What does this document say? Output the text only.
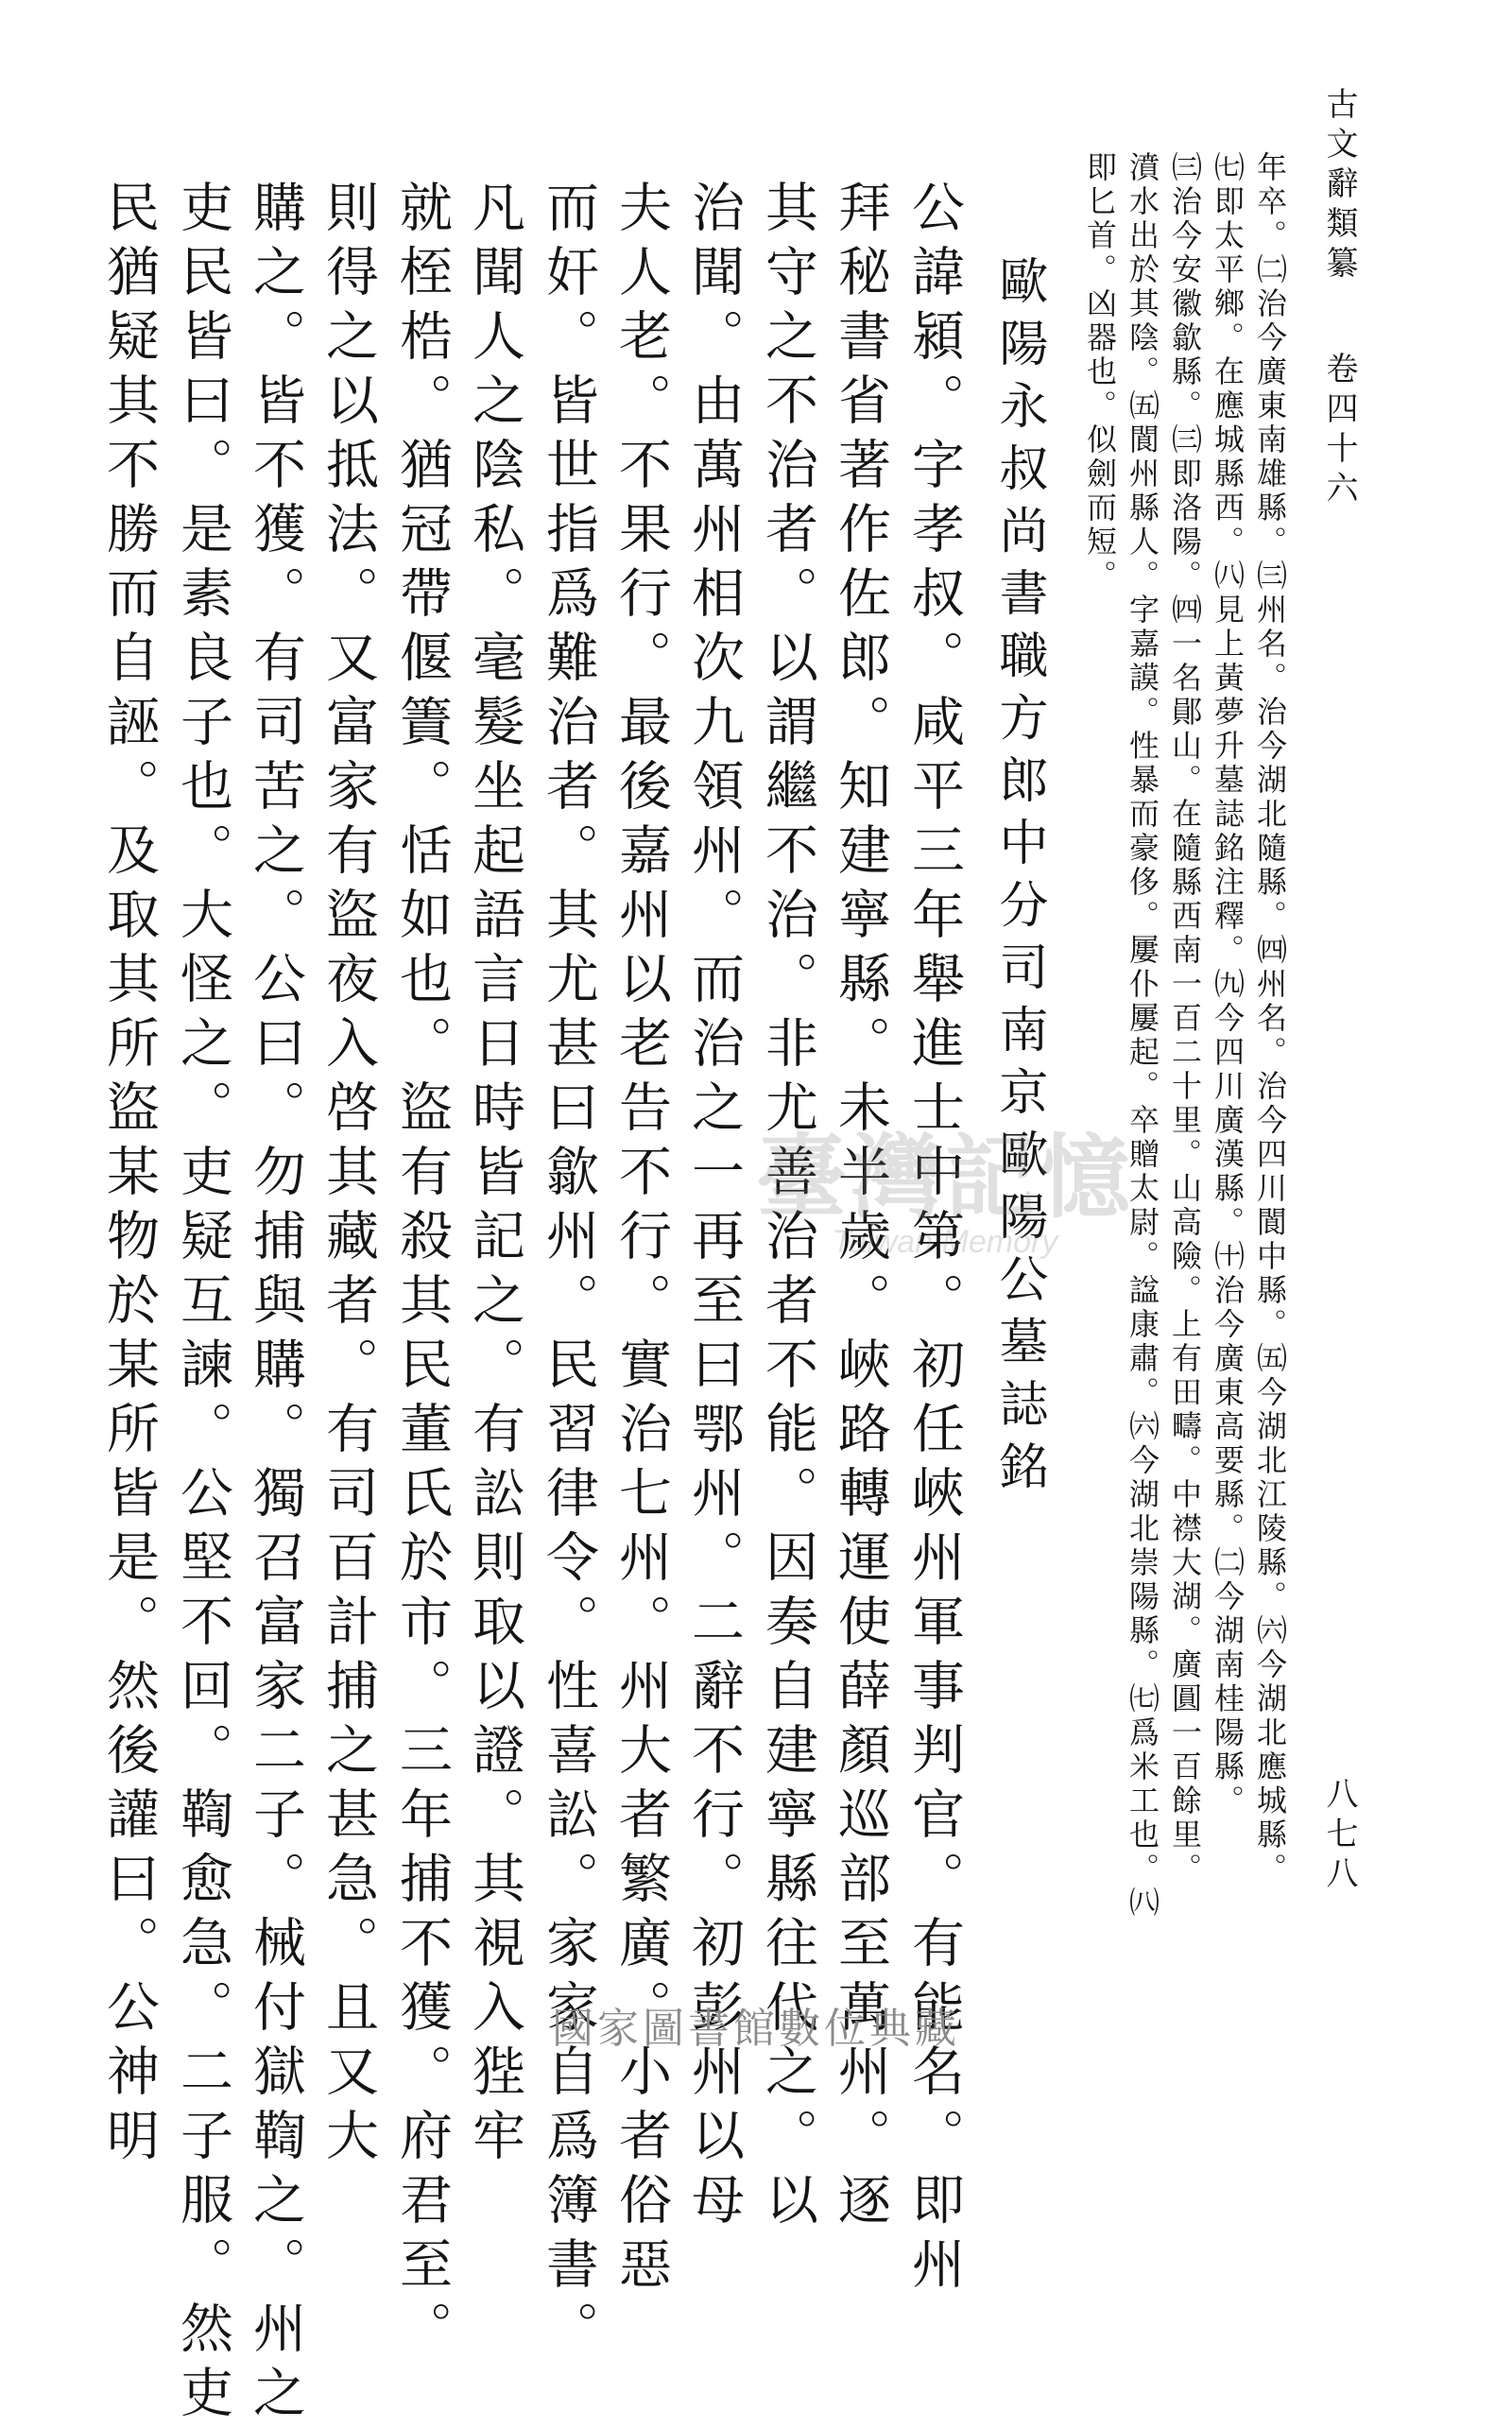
古文辭類纂
卷四十六
八七八
年卒。㈡治今廣東南雄縣。㈢州名。治今湖北隨縣。㈣州名。治今四川閬中縣。㈤今湖北江陵縣。㈥今湖北應城縣。
㈦即太平鄉。在應城縣西。㈧見上黃夢升墓誌銘注釋。㈨今四川廣漢縣。㈩治今廣東高要縣。㈡今湖南桂陽縣。
㈢治今安徽歙縣。㈢即洛陽。㈣一名鄖山。在隨縣西南一百二十里。山高險。上有田疇。中襟大湖。廣圓一百餘里。
濆水出於其陰。㈤閬州縣人。字嘉謨。性暴而豪侈。屢仆屢起。卒贈太尉。諡康肅。㈥今湖北崇陽縣。㈦爲米工也。㈧
即匕首。凶器也。似劍而短。
歐陽永叔尚書職方郎中分司南京歐陽公墓誌銘
公諱潁。字孝叔。咸平三年舉進士中第。初任峽州軍事判官。有能名。即州
拜秘書省著作佐郎。知建寧縣。未半歲。峽路轉運使薛顏巡部至萬州。逐
其守之不治者。以謂繼不治。非尤善治者不能。因奏自建寧縣往代之。以
治聞。由萬州相次九領州。而治之一再至曰鄂州。二辭不行。初彭州以母
夫人老。不果行。最後嘉州以老告不行。實治七州。州大者繁廣。小者俗惡
而奸。皆世指爲難治者。其尤甚曰歙州。民習律令。性喜訟。家家自爲簿書。
凡聞人之陰私。毫髮坐起語言日時皆記之。有訟則取以證。其視入狴牢
就桎梏。猶冠帶偃簀。恬如也。盜有殺其民董氏於市。三年捕不獲。府君至。
則得之以抵法。又富家有盜夜入啓其藏者。有司百計捕之甚急。且又大
購之。皆不獲。有司苦之。公曰。勿捕與購。獨召富家二子。械付獄鞫之。州之
吏民皆曰。是素良子也。大怪之。吏疑互諫。公堅不回。鞫愈急。二子服。然吏
民猶疑其不勝而自誣。及取其所盜某物於某所皆是。然後讙曰。公神明	臺灣記憶
Taiwan Memory
國家圖書館數位典藏
